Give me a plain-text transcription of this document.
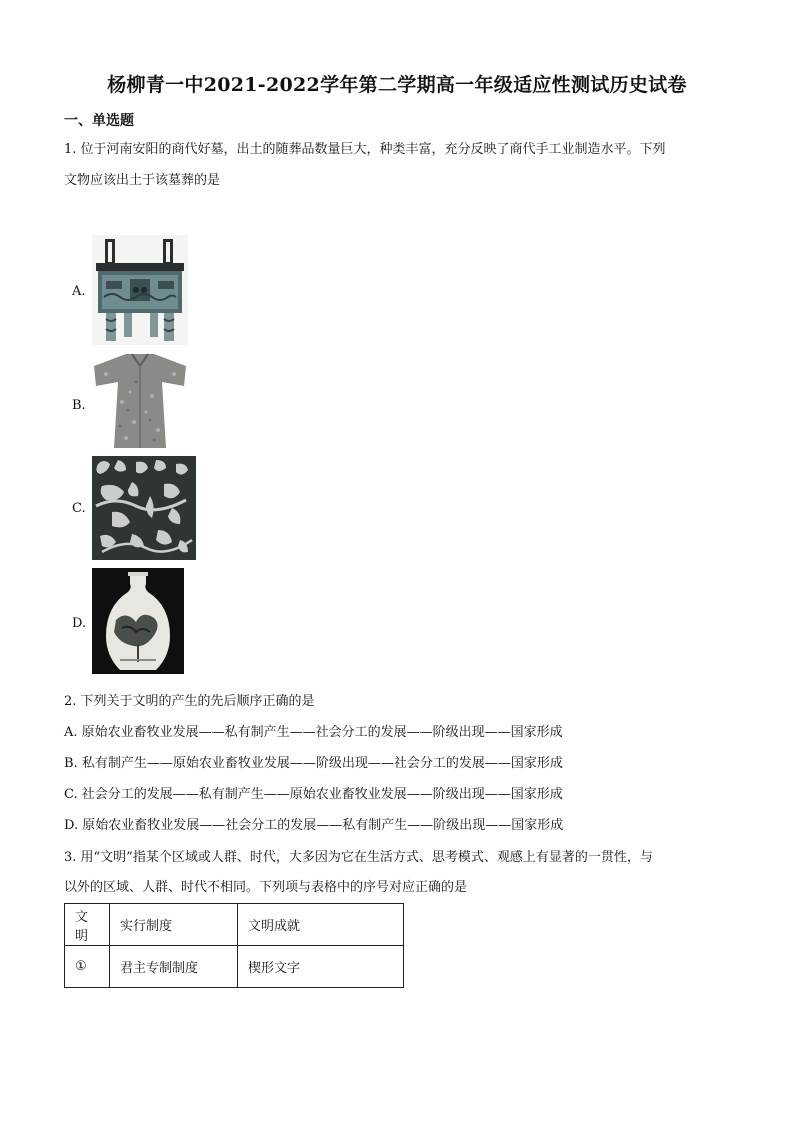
杨柳青一中2021-2022学年第二学期高一年级适应性测试历史试卷
一、单选题
1. 位于河南安阳的商代好墓，出土的随葬品数量巨大，种类丰富，充分反映了商代手工业制造水平。下列
文物应该出土于该墓葬的是
A.
B.
C.
D.
2. 下列关于文明的产生的先后顺序正确的是
A. 原始农业畜牧业发展——私有制产生——社会分工的发展——阶级出现——国家形成
B. 私有制产生——原始农业畜牧业发展——阶级出现——社会分工的发展——国家形成
C. 社会分工的发展——私有制产生——原始农业畜牧业发展——阶级出现——国家形成
D. 原始农业畜牧业发展——社会分工的发展——私有制产生——阶级出现——国家形成
3. 用“文明”指某个区域或人群、时代，大多因为它在生活方式、思考模式、观感上有显著的一贯性，与
以外的区域、人群、时代不相同。下列项与表格中的序号对应正确的是
文明	实行制度	文明成就
①	君主专制制度	楔形文字
